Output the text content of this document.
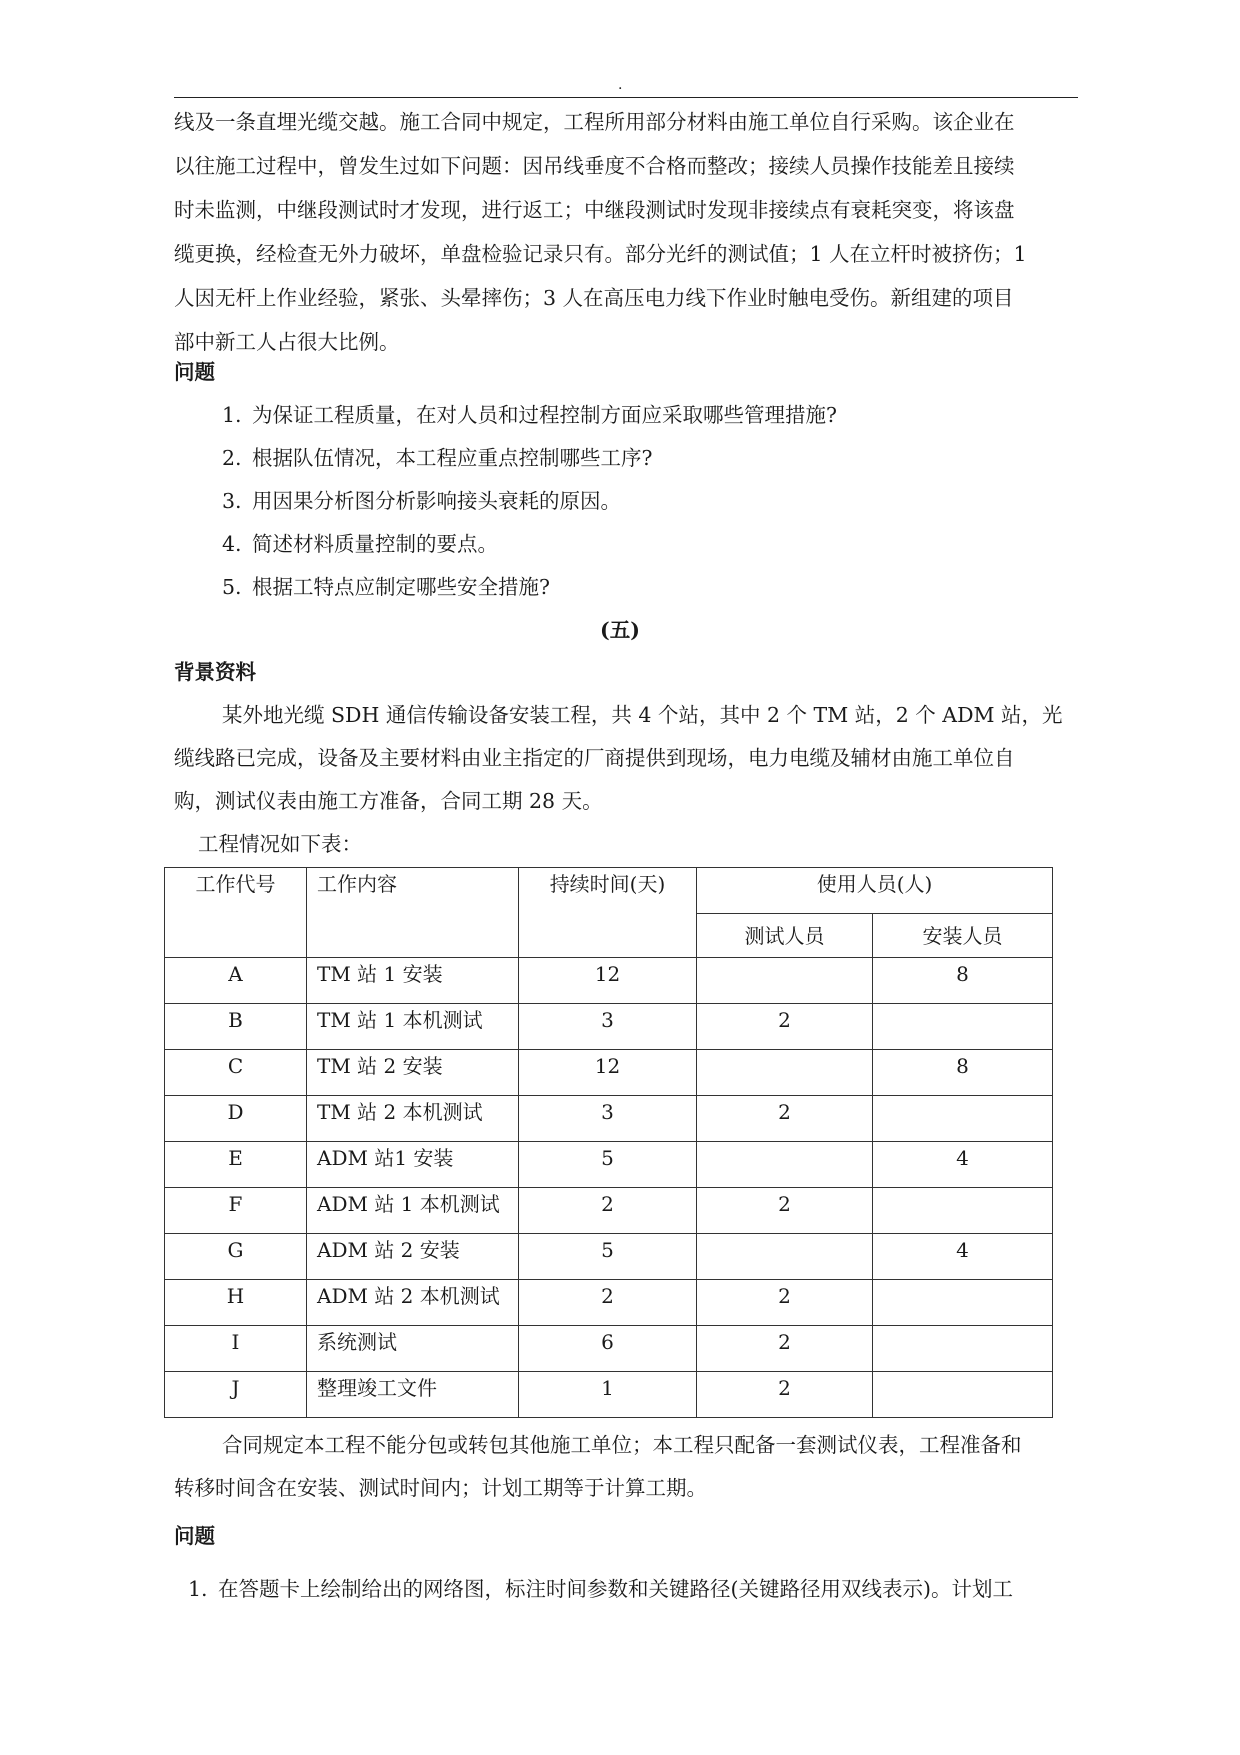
.
线及一条直埋光缆交越。施工合同中规定，工程所用部分材料由施工单位自行采购。该企业在
以往施工过程中，曾发生过如下问题：因吊线垂度不合格而整改；接续人员操作技能差且接续
时未监测，中继段测试时才发现，进行返工；中继段测试时发现非接续点有衰耗突变，将该盘
缆更换，经检查无外力破坏，单盘检验记录只有。部分光纤的测试值；1 人在立杆时被挤伤；1
人因无杆上作业经验，紧张、头晕摔伤；3 人在高压电力线下作业时触电受伤。新组建的项目
部中新工人占很大比例。
问题
1. 为保证工程质量，在对人员和过程控制方面应采取哪些管理措施?
2. 根据队伍情况，本工程应重点控制哪些工序?
3. 用因果分析图分析影响接头衰耗的原因。
4. 简述材料质量控制的要点。
5. 根据工特点应制定哪些安全措施?
(五)
背景资料
某外地光缆 SDH 通信传输设备安装工程，共 4 个站，其中 2 个 TM 站，2 个 ADM 站，光
缆线路已完成，设备及主要材料由业主指定的厂商提供到现场，电力电缆及辅材由施工单位自
购，测试仪表由施工方准备，合同工期 28 天。
工程情况如下表：
工作代号	工作内容	持续时间(天)	使用人员(人)	
			测试人员	安装人员
A	TM 站 1 安装	12		8
B	TM 站 1 本机测试	3	2	
C	TM 站 2 安装	12		8
D	TM 站 2 本机测试	3	2	
E	ADM 站1 安装	5		4
F	ADM 站 1 本机测试	2	2	
G	ADM 站 2 安装	5		4
H	ADM 站 2 本机测试	2	2	
I	系统测试	6	2	
J	整理竣工文件	1	2	
合同规定本工程不能分包或转包其他施工单位；本工程只配备一套测试仪表，工程准备和
转移时间含在安装、测试时间内；计划工期等于计算工期。
问题
1. 在答题卡上绘制给出的网络图，标注时间参数和关键路径(关键路径用双线表示)。计划工
